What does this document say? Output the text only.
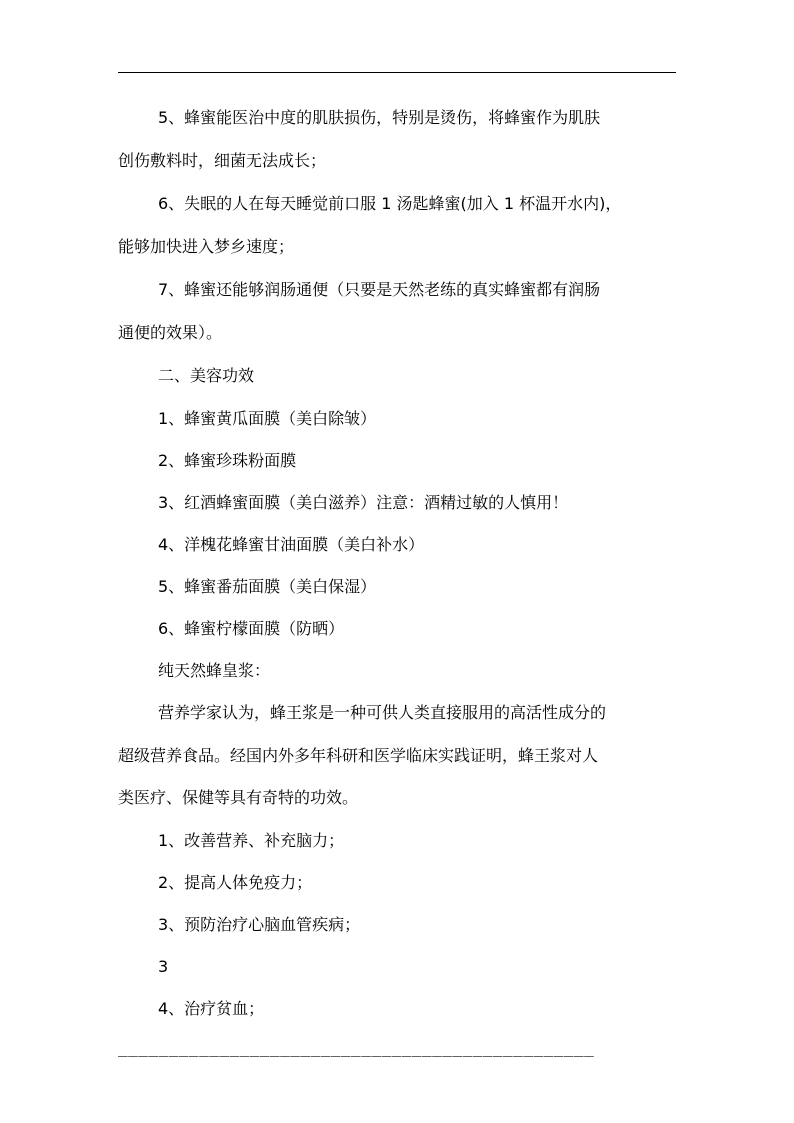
5、蜂蜜能医治中度的肌肤损伤，特别是烫伤，将蜂蜜作为肌肤

创伤敷料时，细菌无法成长；

6、失眠的人在每天睡觉前口服 1 汤匙蜂蜜(加入 1 杯温开水内)，

能够加快进入梦乡速度；

7、蜂蜜还能够润肠通便（只要是天然老练的真实蜂蜜都有润肠

通便的效果）。

二、美容功效

1、蜂蜜黄瓜面膜（美白除皱）

2、蜂蜜珍珠粉面膜

3、红酒蜂蜜面膜（美白滋养）注意：酒精过敏的人慎用！

4、洋槐花蜂蜜甘油面膜（美白补水）

5、蜂蜜番茄面膜（美白保湿）

6、蜂蜜柠檬面膜（防晒）

纯天然蜂皇浆：

营养学家认为，蜂王浆是一种可供人类直接服用的高活性成分的

超级营养食品。经国内外多年科研和医学临床实践证明，蜂王浆对人

类医疗、保健等具有奇特的功效。

1、改善营养、补充脑力；

2、提高人体免疫力；

3、预防治疗心脑血管疾病；

3

4、治疗贫血；

_______________________________________________
